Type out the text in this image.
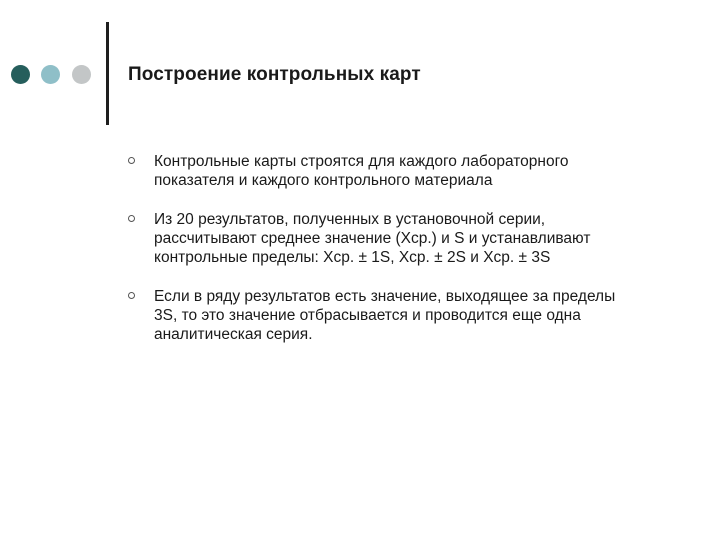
Построение контрольных карт
Контрольные карты строятся для каждого лабораторного
показателя и каждого контрольного материала
Из 20 результатов, полученных в установочной серии,
рассчитывают среднее значение (Хср.) и S и устанавливают
контрольные пределы: Хср. ± 1S, Хср. ± 2S и Хср. ± 3S
Если в ряду результатов есть значение, выходящее за пределы
3S, то это значение отбрасывается и проводится еще одна
аналитическая серия.
